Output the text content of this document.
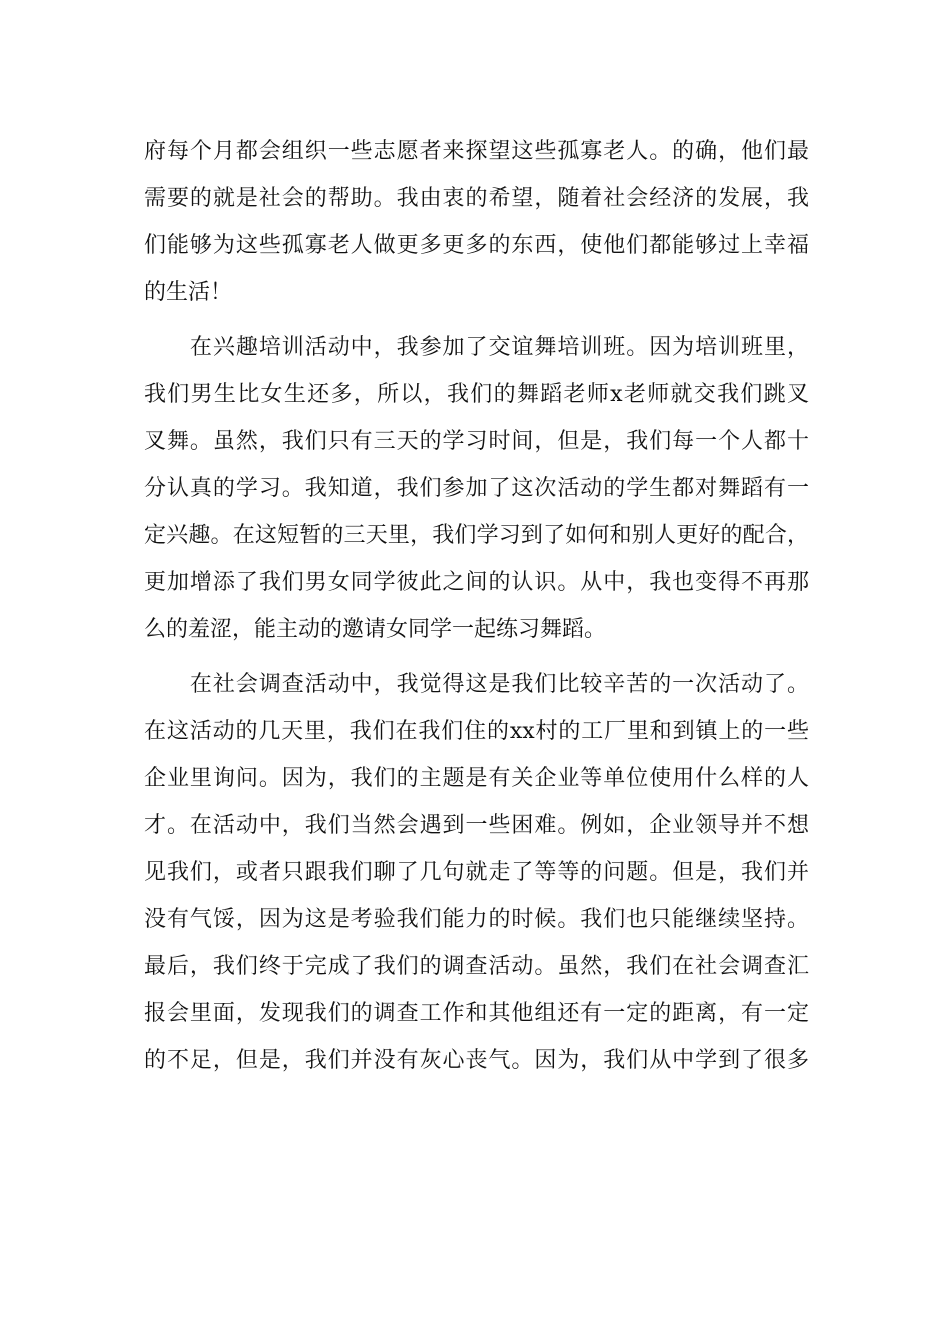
府每个月都会组织一些志愿者来探望这些孤寡老人。的确，他们最
需要的就是社会的帮助。我由衷的希望，随着社会经济的发展，我
们能够为这些孤寡老人做更多更多的东西，使他们都能够过上幸福
的生活！
　　在兴趣培训活动中，我参加了交谊舞培训班。因为培训班里，
我们男生比女生还多，所以，我们的舞蹈老师x老师就交我们跳叉
叉舞。虽然，我们只有三天的学习时间，但是，我们每一个人都十
分认真的学习。我知道，我们参加了这次活动的学生都对舞蹈有一
定兴趣。在这短暂的三天里，我们学习到了如何和别人更好的配合，
更加增添了我们男女同学彼此之间的认识。从中，我也变得不再那
么的羞涩，能主动的邀请女同学一起练习舞蹈。
　　在社会调查活动中，我觉得这是我们比较辛苦的一次活动了。
在这活动的几天里，我们在我们住的xx村的工厂里和到镇上的一些
企业里询问。因为，我们的主题是有关企业等单位使用什么样的人
才。在活动中，我们当然会遇到一些困难。例如，企业领导并不想
见我们，或者只跟我们聊了几句就走了等等的问题。但是，我们并
没有气馁，因为这是考验我们能力的时候。我们也只能继续坚持。
最后，我们终于完成了我们的调查活动。虽然，我们在社会调查汇
报会里面，发现我们的调查工作和其他组还有一定的距离，有一定
的不足，但是，我们并没有灰心丧气。因为，我们从中学到了很多
